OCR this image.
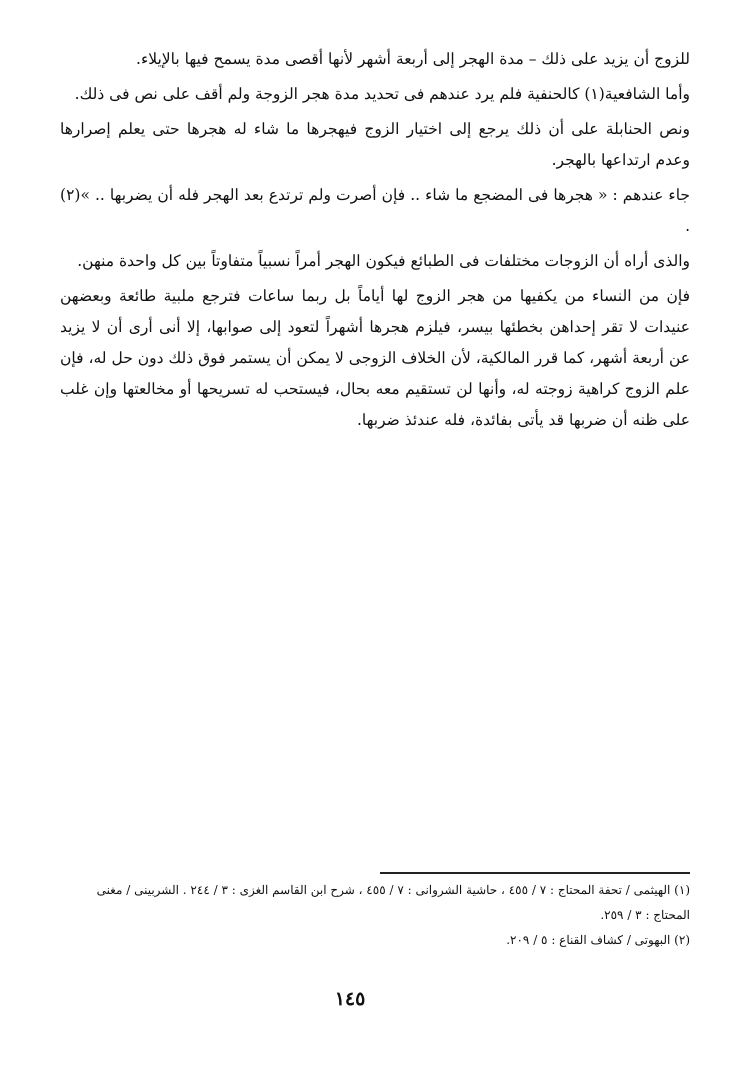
للزوج أن يزيد على ذلك – مدة الهجر إلى أربعة أشهر لأنها أقصى مدة يسمح فيها بالإيلاء.

وأما الشافعية(١) كالحنفية فلم يرد عندهم فى تحديد مدة هجر الزوجة ولم أقف على نص فى ذلك.

ونص الحنابلة على أن ذلك يرجع إلى اختيار الزوج فيهجرها ما شاء له هجرها حتى يعلم إصرارها وعدم ارتداعها بالهجر.

جاء عندهم : « هجرها فى المضجع ما شاء .. فإن أصرت ولم ترتدع بعد الهجر فله أن يضربها .. »(٢) .

والذى أراه أن الزوجات مختلفات فى الطبائع فيكون الهجر أمراً نسبياً متفاوتاً بين كل واحدة منهن.

فإن من النساء من يكفيها من هجر الزوج لها أياماً بل ربما ساعات فترجع ملبية طائعة وبعضهن عنيدات لا تقر إحداهن بخطئها بيسر، فيلزم هجرها أشهراً لتعود إلى صوابها، إلا أنى أرى أن لا يزيد عن أربعة أشهر، كما قرر المالكية، لأن الخلاف الزوجى لا يمكن أن يستمر فوق ذلك دون حل له، فإن علم الزوج كراهية زوجته له، وأنها لن تستقيم معه بحال، فيستحب له تسريحها أو مخالعتها وإن غلب على ظنه أن ضربها قد يأتى بفائدة، فله عندئذ ضربها.

(١) الهيثمى / تحفة المحتاج : ٧ / ٤٥٥ ، حاشية الشروانى : ٧ / ٤٥٥ ، شرح ابن القاسم الغزى : ٣ / ٢٤٤ . الشربينى / مغنى المحتاج : ٣ / ٢٥٩.

(٢) البهوتى / كشاف القناع : ٥ / ٢٠٩.

١٤٥
